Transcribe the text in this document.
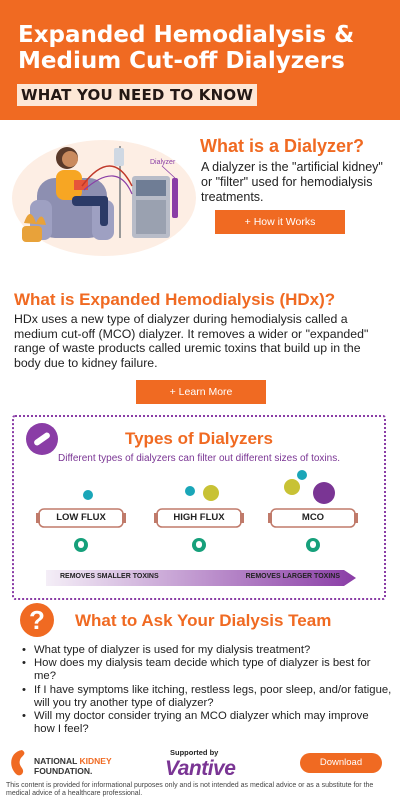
Expanded Hemodialysis & Medium Cut-off Dialyzers
WHAT YOU NEED TO KNOW
Dialyzer
What is a Dialyzer?
A dialyzer is the "artificial kidney" or "filter" used for hemodialysis treatments.
+ How it Works
What is Expanded Hemodialysis (HDx)?
HDx uses a new type of dialyzer during hemodialysis called a medium cut-off (MCO) dialyzer. It removes a wider or "expanded" range of waste products called uremic toxins that build up in the body due to kidney failure.
+ Learn More
Types of Dialyzers
Different types of dialyzers can filter out different sizes of toxins.
LOW FLUX	HIGH FLUX	MCO
REMOVES SMALLER TOXINS	REMOVES LARGER TOXINS
?	What to Ask Your Dialysis Team
• What type of dialyzer is used for my dialysis treatment?
• How does my dialysis team decide which type of dialyzer is best for me?
• If I have symptoms like itching, restless legs, poor sleep, and/or fatigue, will you try another type of dialyzer?
• Will my doctor consider trying an MCO dialyzer which may improve how I feel?
NATIONAL KIDNEY
FOUNDATION.
Supported by
Vantive	Download
This content is provided for informational purposes only and is not intended as medical advice or as a substitute for the medical advice of a healthcare professional.
